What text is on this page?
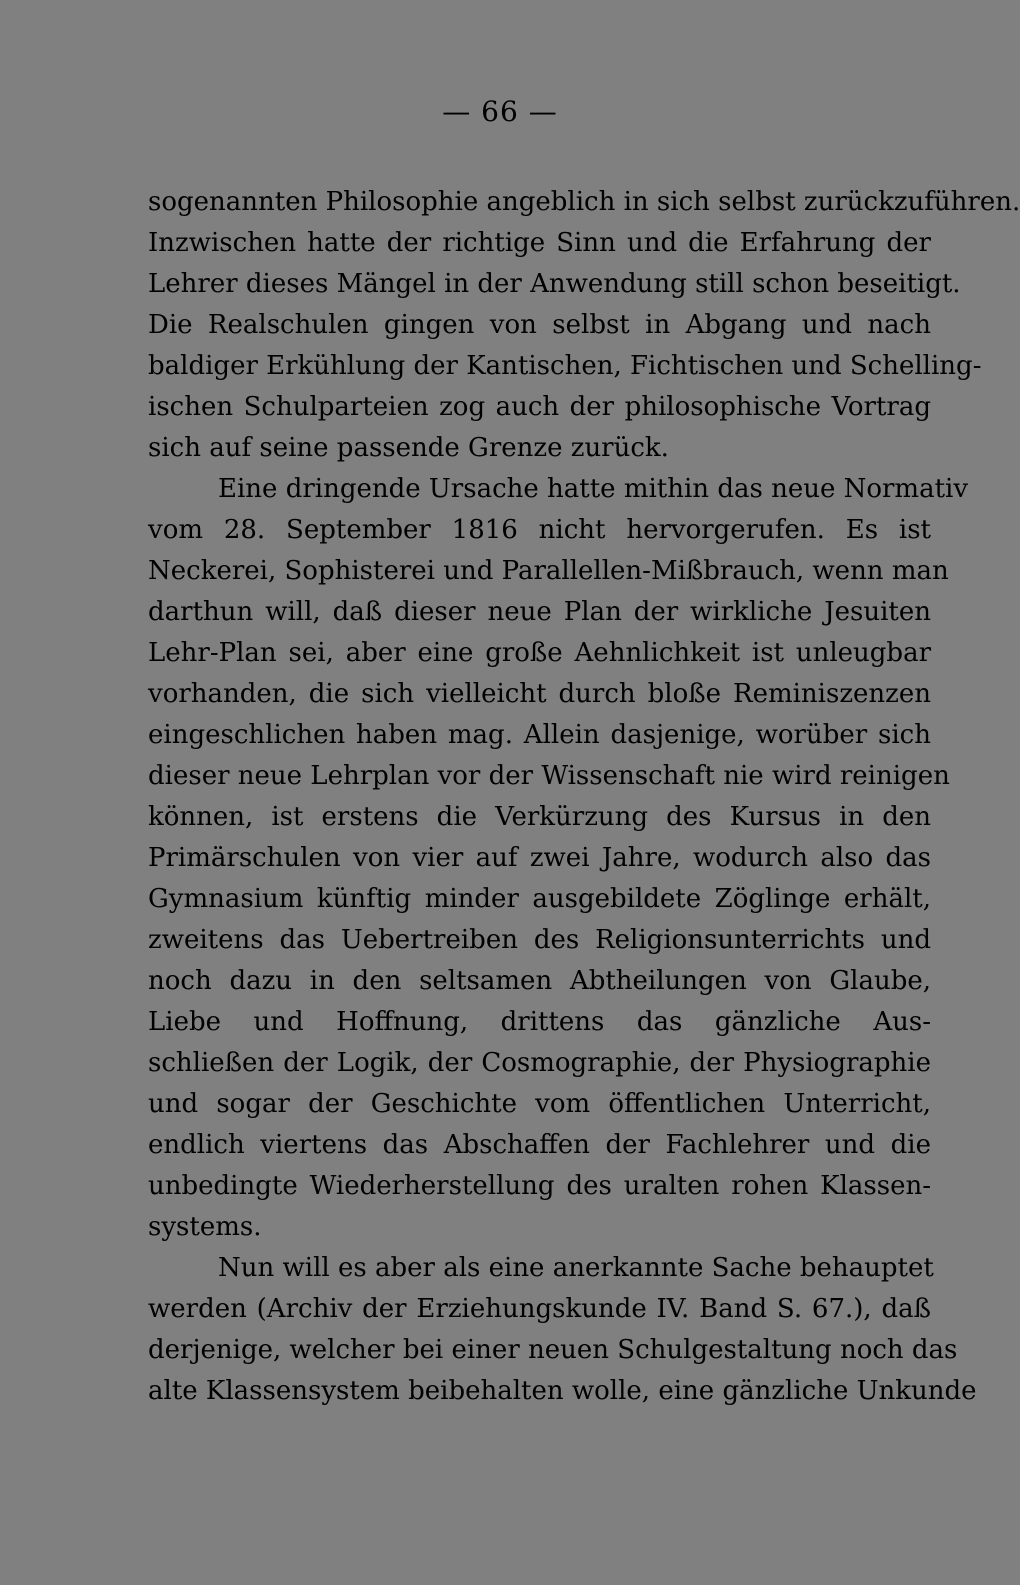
— 66 —
sogenannten Philosophie angeblich in sich selbst zurückzuführen.
Inzwischen hatte der richtige Sinn und die Erfahrung der
Lehrer dieses Mängel in der Anwendung still schon beseitigt.
Die Realschulen gingen von selbst in Abgang und nach
baldiger Erkühlung der Kantischen, Fichtischen und Schelling-
ischen Schulparteien zog auch der philosophische Vortrag
sich auf seine passende Grenze zurück.
Eine dringende Ursache hatte mithin das neue Normativ
vom 28. September 1816 nicht hervorgerufen. Es ist
Neckerei, Sophisterei und Parallellen-Mißbrauch, wenn man
darthun will, daß dieser neue Plan der wirkliche Jesuiten
Lehr-Plan sei, aber eine große Aehnlichkeit ist unleugbar
vorhanden, die sich vielleicht durch bloße Reminiszenzen
eingeschlichen haben mag. Allein dasjenige, worüber sich
dieser neue Lehrplan vor der Wissenschaft nie wird reinigen
können, ist erstens die Verkürzung des Kursus in den
Primärschulen von vier auf zwei Jahre, wodurch also das
Gymnasium künftig minder ausgebildete Zöglinge erhält,
zweitens das Uebertreiben des Religionsunterrichts und
noch dazu in den seltsamen Abtheilungen von Glaube,
Liebe und Hoffnung, drittens das gänzliche Aus-
schließen der Logik, der Cosmographie, der Physiographie
und sogar der Geschichte vom öffentlichen Unterricht,
endlich viertens das Abschaffen der Fachlehrer und die
unbedingte Wiederherstellung des uralten rohen Klassen-
systems.
Nun will es aber als eine anerkannte Sache behauptet
werden (Archiv der Erziehungskunde IV. Band S. 67.), daß
derjenige, welcher bei einer neuen Schulgestaltung noch das
alte Klassensystem beibehalten wolle, eine gänzliche Unkunde
